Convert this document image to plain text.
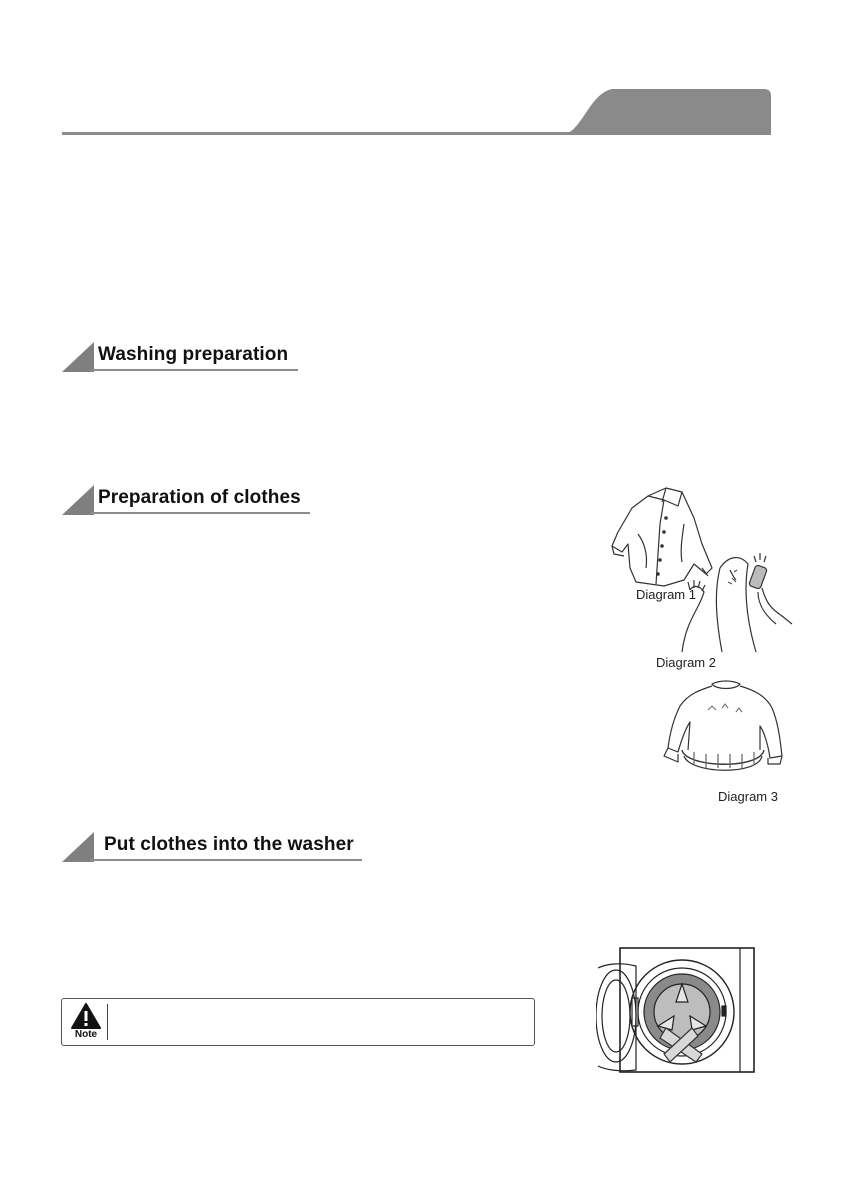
Washing preparation
Preparation of clothes
Put clothes into the washer
Diagram 1
Diagram 2
Diagram 3
Note
